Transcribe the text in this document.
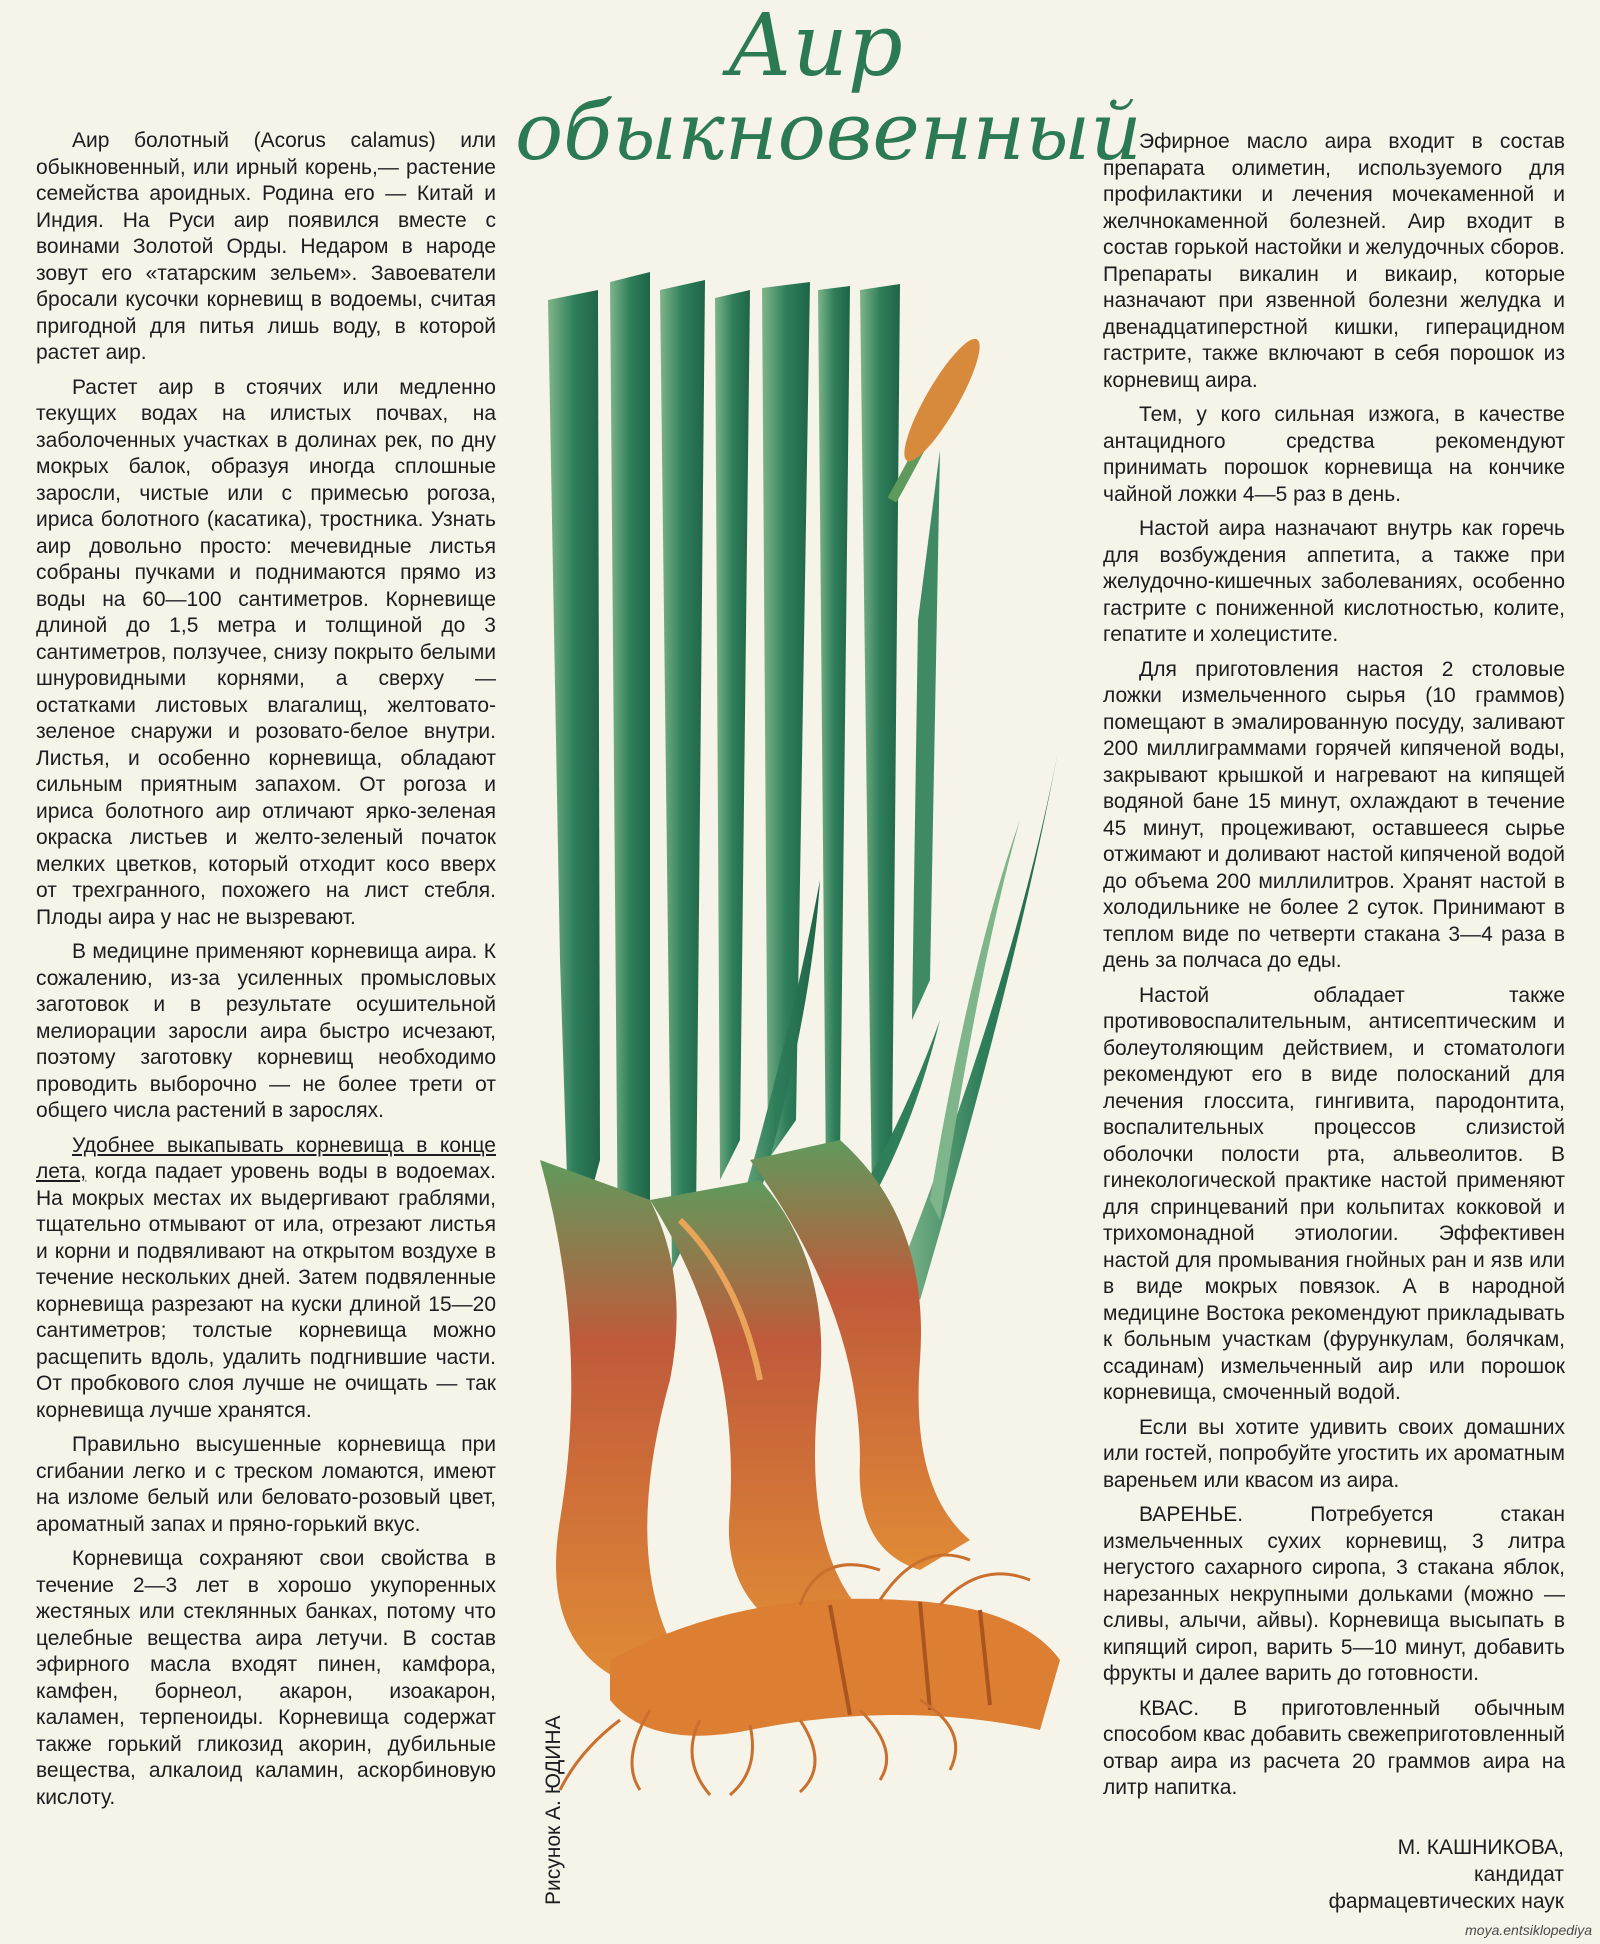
Аир
обыкновенный

Аир болотный (Acorus calamus) или обыкновенный, или ирный корень,— растение семейства ароидных. Родина его — Китай и Индия. На Руси аир появился вместе с воинами Золотой Орды. Недаром в народе зовут его «татарским зельем». Завоеватели бросали кусочки корневищ в водоемы, считая пригодной для питья лишь воду, в которой растет аир.

Растет аир в стоячих или медленно текущих водах на илистых почвах, на заболоченных участках в долинах рек, по дну мокрых балок, образуя иногда сплошные заросли, чистые или с примесью рогоза, ириса болотного (касатика), тростника. Узнать аир довольно просто: мечевидные листья собраны пучками и поднимаются прямо из воды на 60—100 сантиметров. Корневище длиной до 1,5 метра и толщиной до 3 сантиметров, ползучее, снизу покрыто белыми шнуровидными корнями, а сверху — остатками листовых влагалищ, желтовато-зеленое снаружи и розовато-белое внутри. Листья, и особенно корневища, обладают сильным приятным запахом. От рогоза и ириса болотного аир отличают ярко-зеленая окраска листьев и желто-зеленый початок мелких цветков, который отходит косо вверх от трехгранного, похожего на лист стебля. Плоды аира у нас не вызревают.

В медицине применяют корневища аира. К сожалению, из-за усиленных промысловых заготовок и в результате осушительной мелиорации заросли аира быстро исчезают, поэтому заготовку корневищ необходимо проводить выборочно — не более трети от общего числа растений в зарослях.

Удобнее выкапывать корневища в конце лета, когда падает уровень воды в водоемах. На мокрых местах их выдергивают граблями, тщательно отмывают от ила, отрезают листья и корни и подвяливают на открытом воздухе в течение нескольких дней. Затем подвяленные корневища разрезают на куски длиной 15—20 сантиметров; толстые корневища можно расщепить вдоль, удалить подгнившие части. От пробкового слоя лучше не очищать — так корневища лучше хранятся.

Правильно высушенные корневища при сгибании легко и с треском ломаются, имеют на изломе белый или беловато-розовый цвет, ароматный запах и пряно-горький вкус.

Корневища сохраняют свои свойства в течение 2—3 лет в хорошо укупоренных жестяных или стеклянных банках, потому что целебные вещества аира летучи. В состав эфирного масла входят пинен, камфора, камфен, борнеол, акарон, изоакарон, каламен, терпеноиды. Корневища содержат также горький гликозид акорин, дубильные вещества, алкалоид каламин, аскорбиновую кислоту.	Рисунок А. ЮДИНА

Эфирное масло аира входит в состав препарата олиметин, используемого для профилактики и лечения мочекаменной и желчнокаменной болезней. Аир входит в состав горькой настойки и желудочных сборов. Препараты викалин и викаир, которые назначают при язвенной болезни желудка и двенадцатиперстной кишки, гиперацидном гастрите, также включают в себя порошок из корневищ аира.

Тем, у кого сильная изжога, в качестве антацидного средства рекомендуют принимать порошок корневища на кончике чайной ложки 4—5 раз в день.

Настой аира назначают внутрь как горечь для возбуждения аппетита, а также при желудочно-кишечных заболеваниях, особенно гастрите с пониженной кислотностью, колите, гепатите и холецистите.

Для приготовления настоя 2 столовые ложки измельченного сырья (10 граммов) помещают в эмалированную посуду, заливают 200 миллиграммами горячей кипяченой воды, закрывают крышкой и нагревают на кипящей водяной бане 15 минут, охлаждают в течение 45 минут, процеживают, оставшееся сырье отжимают и доливают настой кипяченой водой до объема 200 миллилитров. Хранят настой в холодильнике не более 2 суток. Принимают в теплом виде по четверти стакана 3—4 раза в день за полчаса до еды.

Настой обладает также противовоспалительным, антисептическим и болеутоляющим действием, и стоматологи рекомендуют его в виде полосканий для лечения глоссита, гингивита, пародонтита, воспалительных процессов слизистой оболочки полости рта, альвеолитов. В гинекологической практике настой применяют для спринцеваний при кольпитах кокковой и трихомонадной этиологии. Эффективен настой для промывания гнойных ран и язв или в виде мокрых повязок. А в народной медицине Востока рекомендуют прикладывать к больным участкам (фурункулам, болячкам, ссадинам) измельченный аир или порошок корневища, смоченный водой.

Если вы хотите удивить своих домашних или гостей, попробуйте угостить их ароматным вареньем или квасом из аира.

ВАРЕНЬЕ. Потребуется стакан измельченных сухих корневищ, 3 литра негустого сахарного сиропа, 3 стакана яблок, нарезанных некрупными дольками (можно — сливы, алычи, айвы). Корневища высыпать в кипящий сироп, варить 5—10 минут, добавить фрукты и далее варить до готовности.

КВАС. В приготовленный обычным способом квас добавить свежеприготовленный отвар аира из расчета 20 граммов аира на литр напитка.

М. КАШНИКОВА,
кандидат
фармацевтических наук
moya.entsiklopediya
